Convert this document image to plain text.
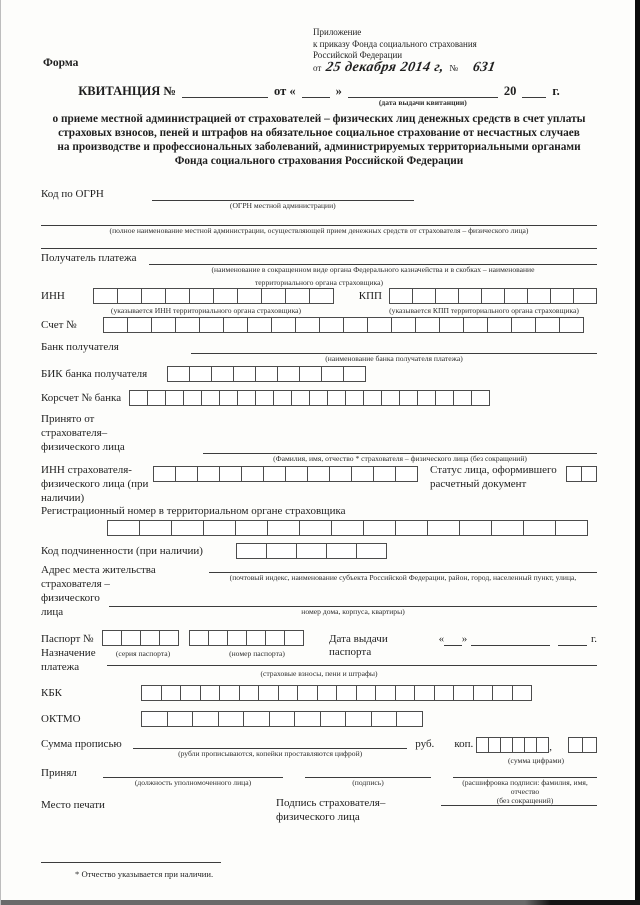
Форма
Приложение
к приказу Фонда социального страхования
Российской Федерации
от 25 декабря 2014 г, № 631
КВИТАНЦИЯ №	от «	»
(дата выдачи квитанции)
20	г.
о приеме местной администрацией от страхователей – физических лиц денежных средств в счет уплаты
страховых взносов, пеней и штрафов на обязательное социальное страхование от несчастных случаев
на производстве и профессиональных заболеваний, администрируемых территориальными органами
Фонда социального страхования Российской Федерации
Код по ОГРН
(ОГРН местной администрации)
(полное наименование местной администрации, осуществляющей прием денежных средств от страхователя – физического лица)
Получатель платежа
(наименование в сокращенном виде органа Федерального казначейства и в скобках – наименование
территориального органа страховщика)
ИНН	КПП
(указывается ИНН территориального органа страховщика)	(указывается КПП территориального органа страховщика)
Счет №
Банк получателя
(наименование банка получателя платежа)
БИК банка получателя
Корсчет № банка
Принято от
страхователя–
физического лица
(Фамилия, имя, отчество * страхователя – физического лица (без сокращений)
ИНН страхователя-
физического лица (при
наличии)
Статус лица, оформившего
расчетный документ
Регистрационный номер в территориальном органе страховщика
Код подчиненности (при наличии)
Адрес места жительства
страхователя –
физического
лица
(почтовый индекс, наименование субъекта Российской Федерации, район, город, населенный пункт, улица,
номер дома, корпуса, квартиры)
Паспорт №	Дата выдачи паспорта
« »	г.
(серия паспорта)	(номер паспорта)
Назначение
платежа
(страховые взносы, пени и штрафы)
КБК
ОКТМО
Сумма прописью
(рубли прописываются, копейки проставляются цифрой)
руб. коп.	,
(сумма цифрами)
Принял
(должность уполномоченного лица)	(подпись)	(расшифровка подписи: фамилия, имя, отчество
(без сокращений)
Место печати	Подпись страхователя–
физического лица
* Отчество указывается при наличии.
